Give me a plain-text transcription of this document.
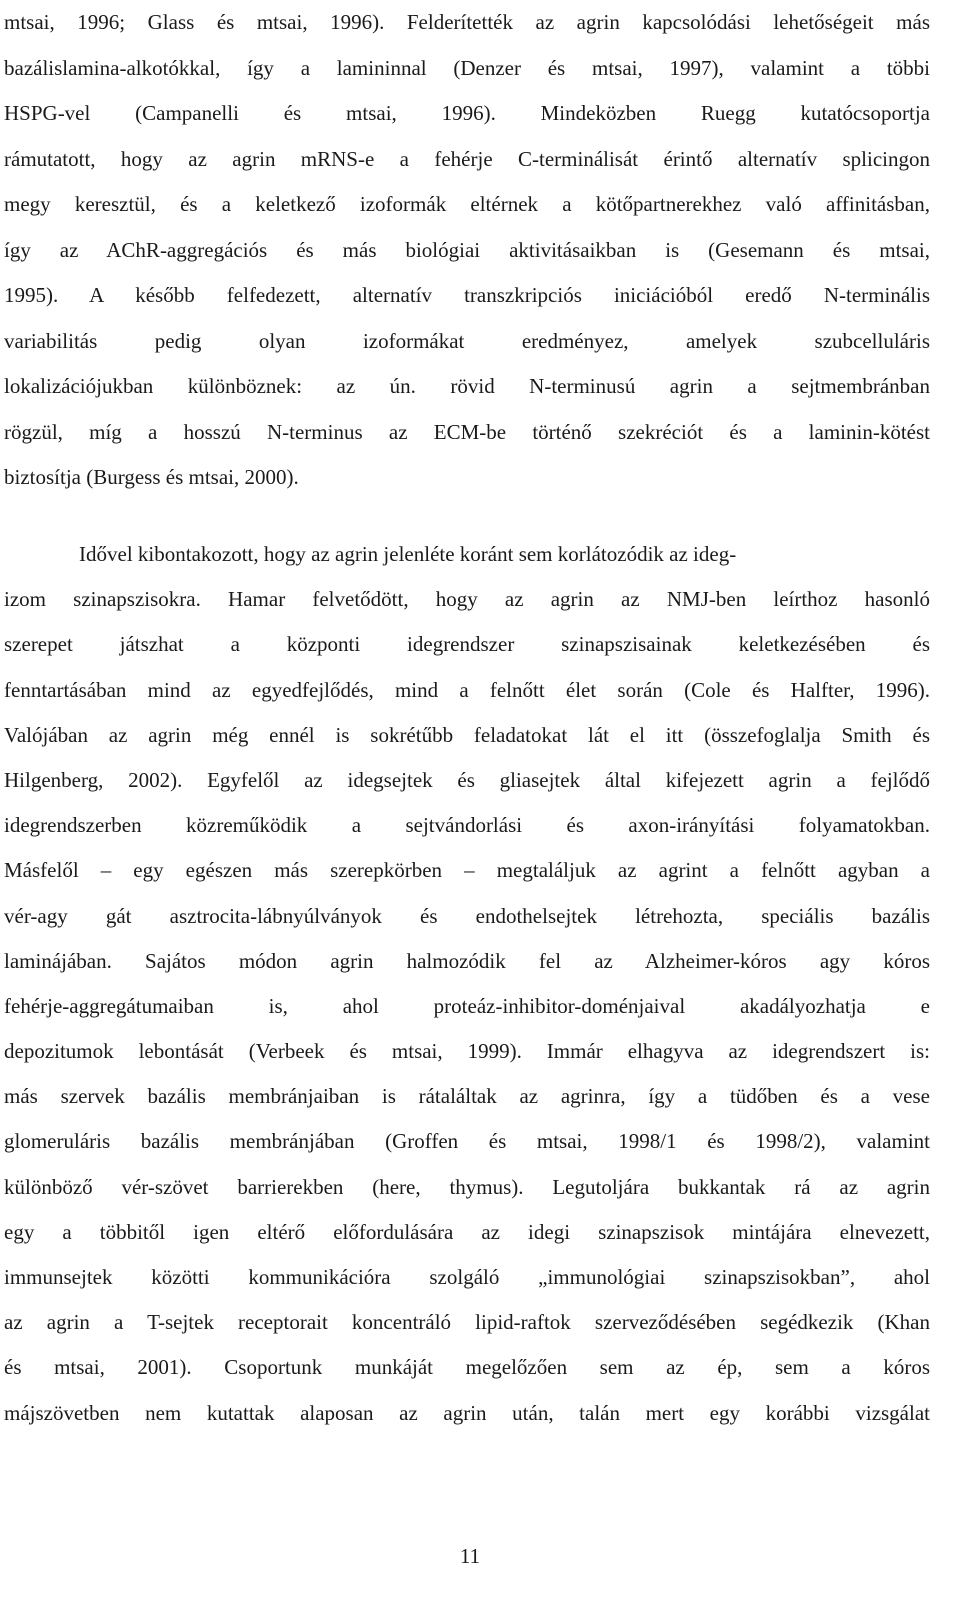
mtsai, 1996; Glass és mtsai, 1996). Felderítették az agrin kapcsolódási lehetőségeit más
bazálislamina-alkotókkal, így a lamininnal (Denzer és mtsai, 1997), valamint a többi
HSPG-vel (Campanelli és mtsai, 1996). Mindeközben Ruegg kutatócsoportja
rámutatott, hogy az agrin mRNS-e a fehérje C-terminálisát érintő alternatív splicingon
megy keresztül, és a keletkező izoformák eltérnek a kötőpartnerekhez való affinitásban,
így az AChR-aggregációs és más biológiai aktivitásaikban is (Gesemann és mtsai,
1995). A később felfedezett, alternatív transzkripciós iniciációból eredő N-terminális
variabilitás pedig olyan izoformákat eredményez, amelyek szubcelluláris
lokalizációjukban különböznek: az ún. rövid N-terminusú agrin a sejtmembránban
rögzül, míg a hosszú N-terminus az ECM-be történő szekréciót és a laminin-kötést
biztosítja (Burgess és mtsai, 2000).
Idővel kibontakozott, hogy az agrin jelenléte koránt sem korlátozódik az ideg-
izom szinapszisokra. Hamar felvetődött, hogy az agrin az NMJ-ben leírthoz hasonló
szerepet játszhat a központi idegrendszer szinapszisainak keletkezésében és
fenntartásában mind az egyedfejlődés, mind a felnőtt élet során (Cole és Halfter, 1996).
Valójában az agrin még ennél is sokrétűbb feladatokat lát el itt (összefoglalja Smith és
Hilgenberg, 2002). Egyfelől az idegsejtek és gliasejtek által kifejezett agrin a fejlődő
idegrendszerben közreműködik a sejtvándorlási és axon-irányítási folyamatokban.
Másfelől – egy egészen más szerepkörben – megtaláljuk az agrint a felnőtt agyban a
vér-agy gát asztrocita-lábnyúlványok és endothelsejtek létrehozta, speciális bazális
laminájában. Sajátos módon agrin halmozódik fel az Alzheimer-kóros agy kóros
fehérje-aggregátumaiban is, ahol proteáz-inhibitor-doménjaival akadályozhatja e
depozitumok lebontását (Verbeek és mtsai, 1999). Immár elhagyva az idegrendszert is:
más szervek bazális membránjaiban is rátaláltak az agrinra, így a tüdőben és a vese
glomeruláris bazális membránjában (Groffen és mtsai, 1998/1 és 1998/2), valamint
különböző vér-szövet barrierekben (here, thymus). Legutoljára bukkantak rá az agrin
egy a többitől igen eltérő előfordulására az idegi szinapszisok mintájára elnevezett,
immunsejtek közötti kommunikációra szolgáló „immunológiai szinapszisokban”, ahol
az agrin a T-sejtek receptorait koncentráló lipid-raftok szerveződésében segédkezik (Khan
és mtsai, 2001). Csoportunk munkáját megelőzően sem az ép, sem a kóros
májszövetben nem kutattak alaposan az agrin után, talán mert egy korábbi vizsgálat
11
